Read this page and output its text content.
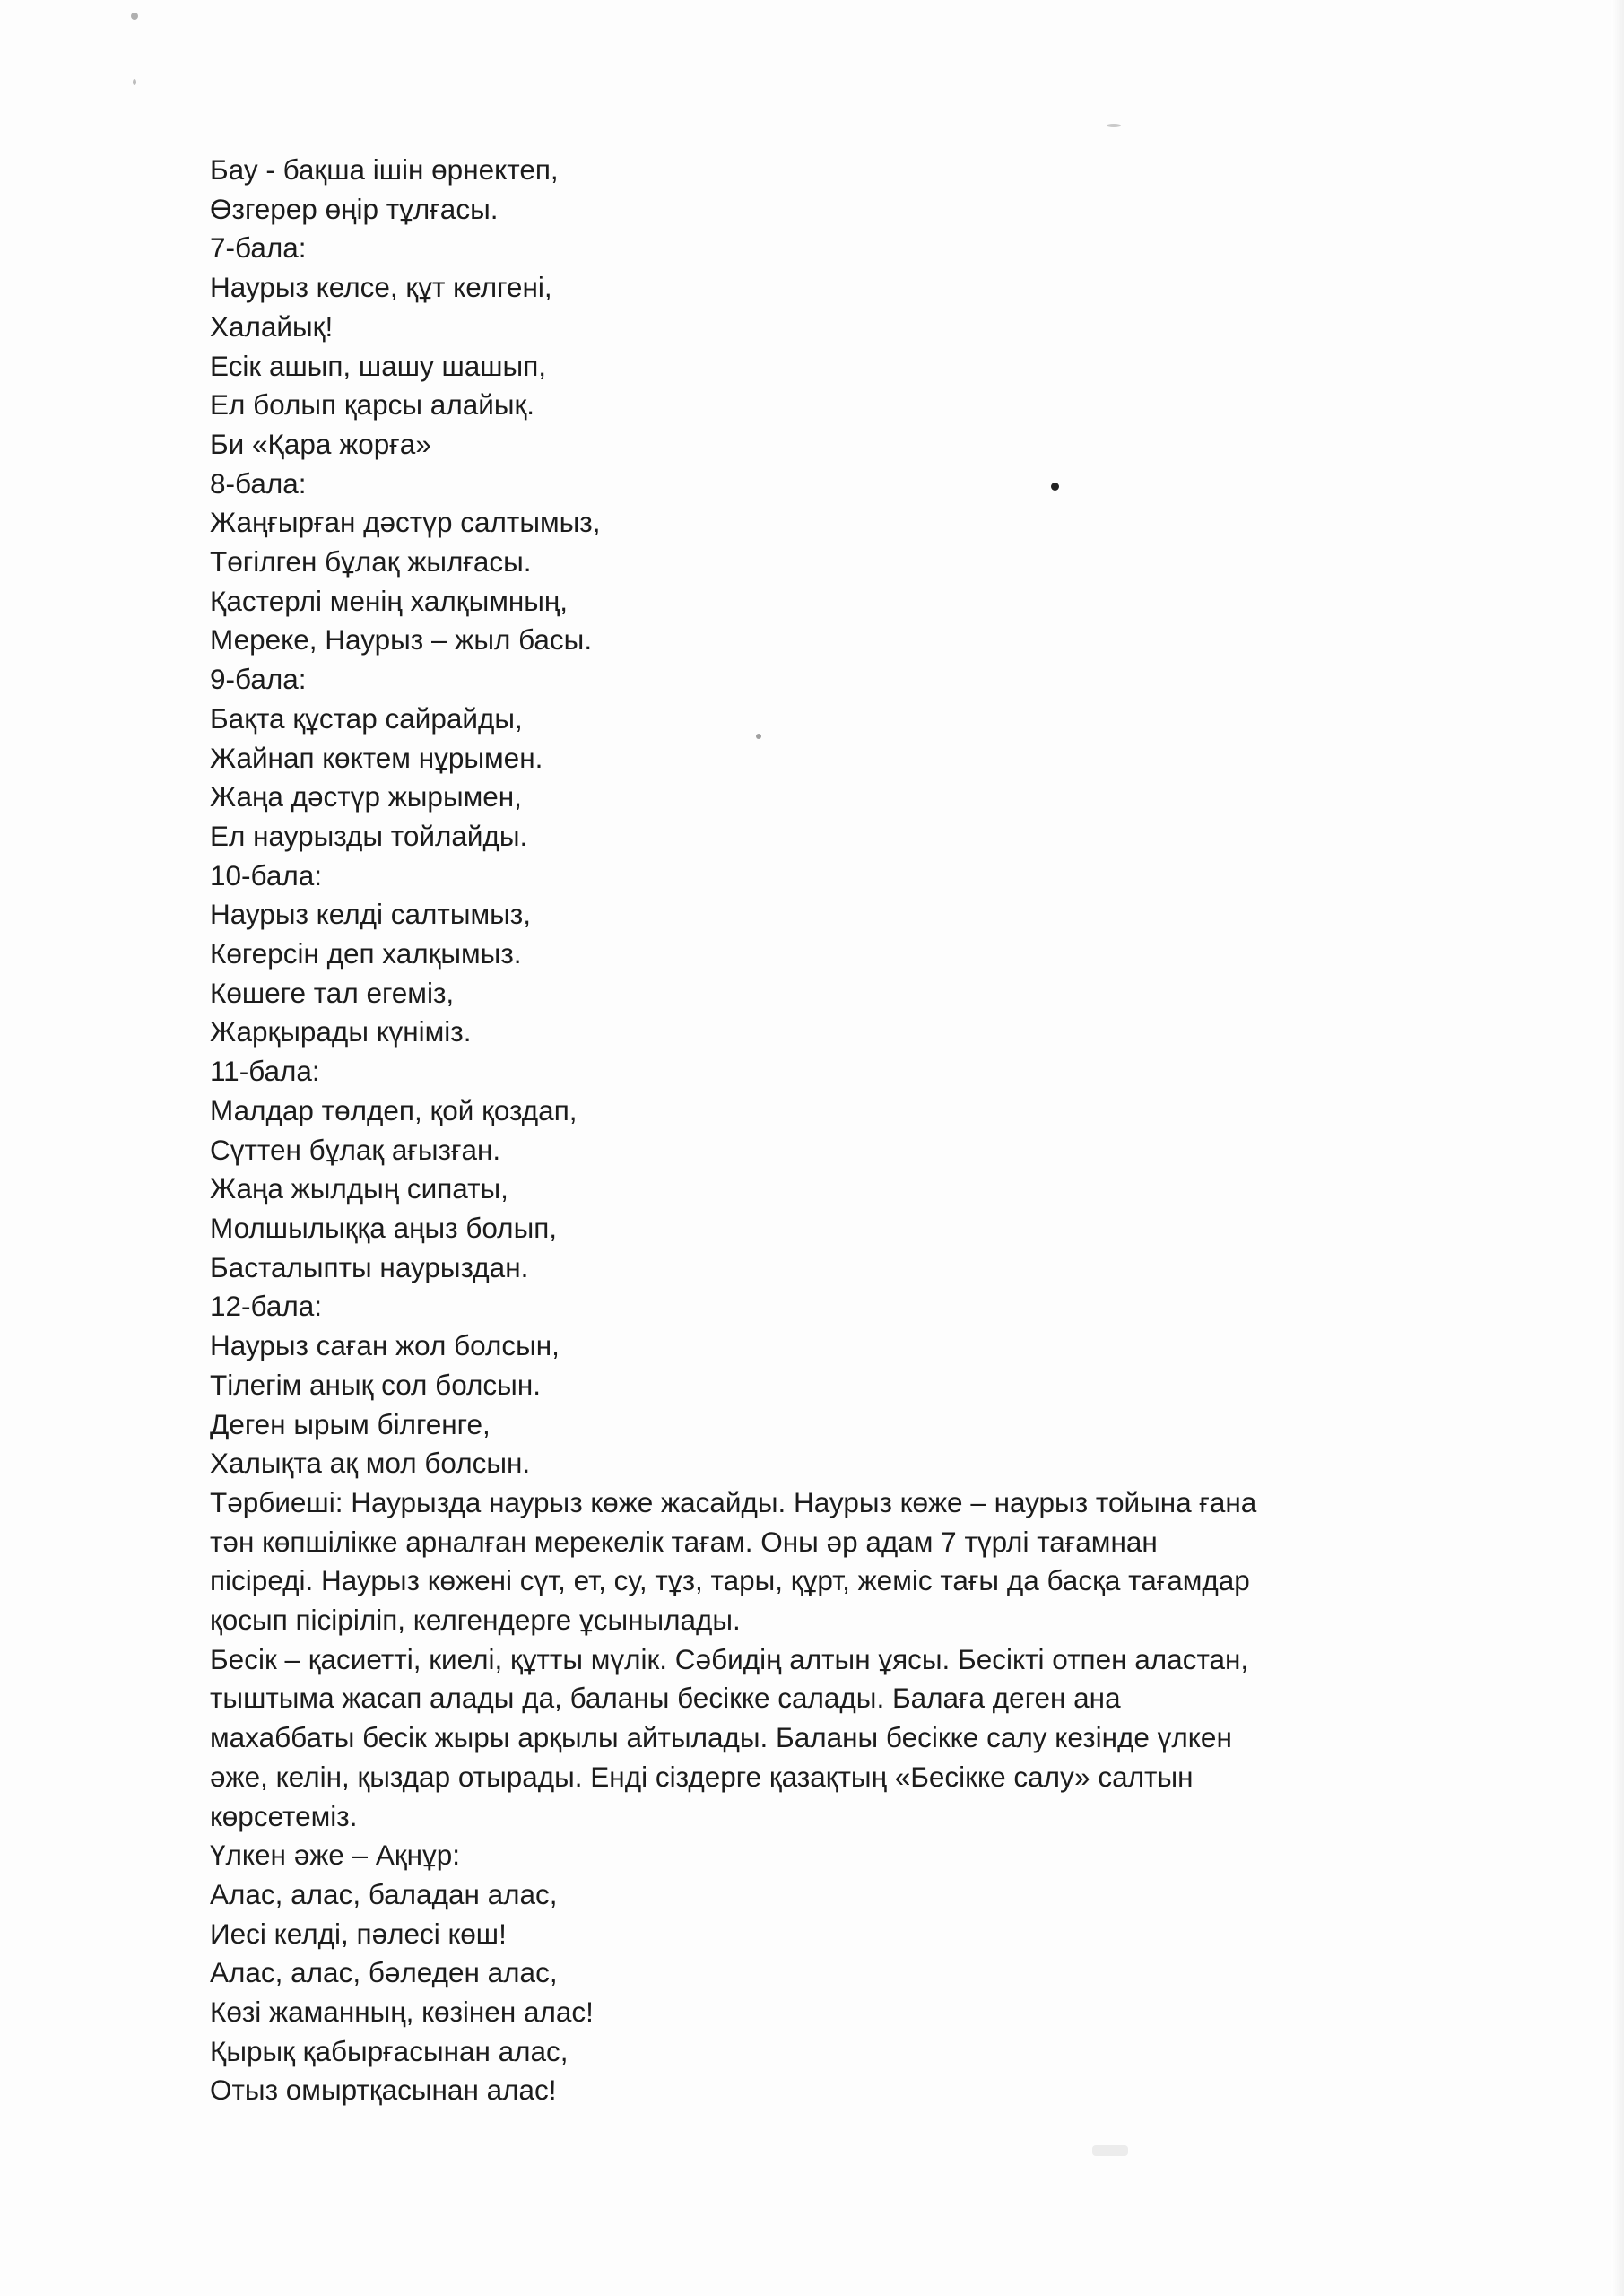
Бау - бақша ішін өрнектеп,
Өзгерер өңір тұлғасы.
7-бала:
Наурыз келсе, құт келгені,
Халайық!
Есік ашып, шашу шашып,
Ел болып қарсы алайық.
Би «Қара жорға»
8-бала:
Жаңғырған дәстүр салтымыз,
Төгілген бұлақ жылғасы.
Қастерлі менің халқымның,
Мереке, Наурыз – жыл басы.
9-бала:
Бақта құстар сайрайды,
Жайнап көктем нұрымен.
Жаңа дәстүр жырымен,
Ел наурызды тойлайды.
10-бала:
Наурыз келді салтымыз,
Көгерсін деп халқымыз.
Көшеге тал егеміз,
Жарқырады күніміз.
11-бала:
Малдар төлдеп, қой қоздап,
Сүттен бұлақ ағызған.
Жаңа жылдың сипаты,
Молшылыққа аңыз болып,
Басталыпты наурыздан.
12-бала:
Наурыз саған жол болсын,
Тілегім анық сол болсын.
Деген ырым білгенге,
Халықта ақ мол болсын.
Тәрбиеші: Наурызда наурыз көже жасайды. Наурыз көже – наурыз тойына ғана
тән көпшілікке арналған мерекелік тағам. Оны әр адам 7 түрлі тағамнан
пісіреді. Наурыз көжені сүт, ет, су, тұз, тары, құрт, жеміс тағы да басқа тағамдар
қосып пісіріліп, келгендерге ұсынылады.
Бесік – қасиетті, киелі, құтты мүлік. Сәбидің алтын ұясы. Бесікті отпен аластан,
тыштыма жасап алады да, баланы бесікке салады. Балаға деген ана
махаббаты бесік жыры арқылы айтылады. Баланы бесікке салу кезінде үлкен
әже, келін, қыздар отырады. Енді сіздерге қазақтың «Бесікке салу» салтын
көрсетеміз.
Үлкен әже – Ақнұр:
Алас, алас, баладан алас,
Иесі келді, пәлесі көш!
Алас, алас, бәледен алас,
Көзі жаманның, көзінен алас!
Қырық қабырғасынан алас,
Отыз омыртқасынан алас!
